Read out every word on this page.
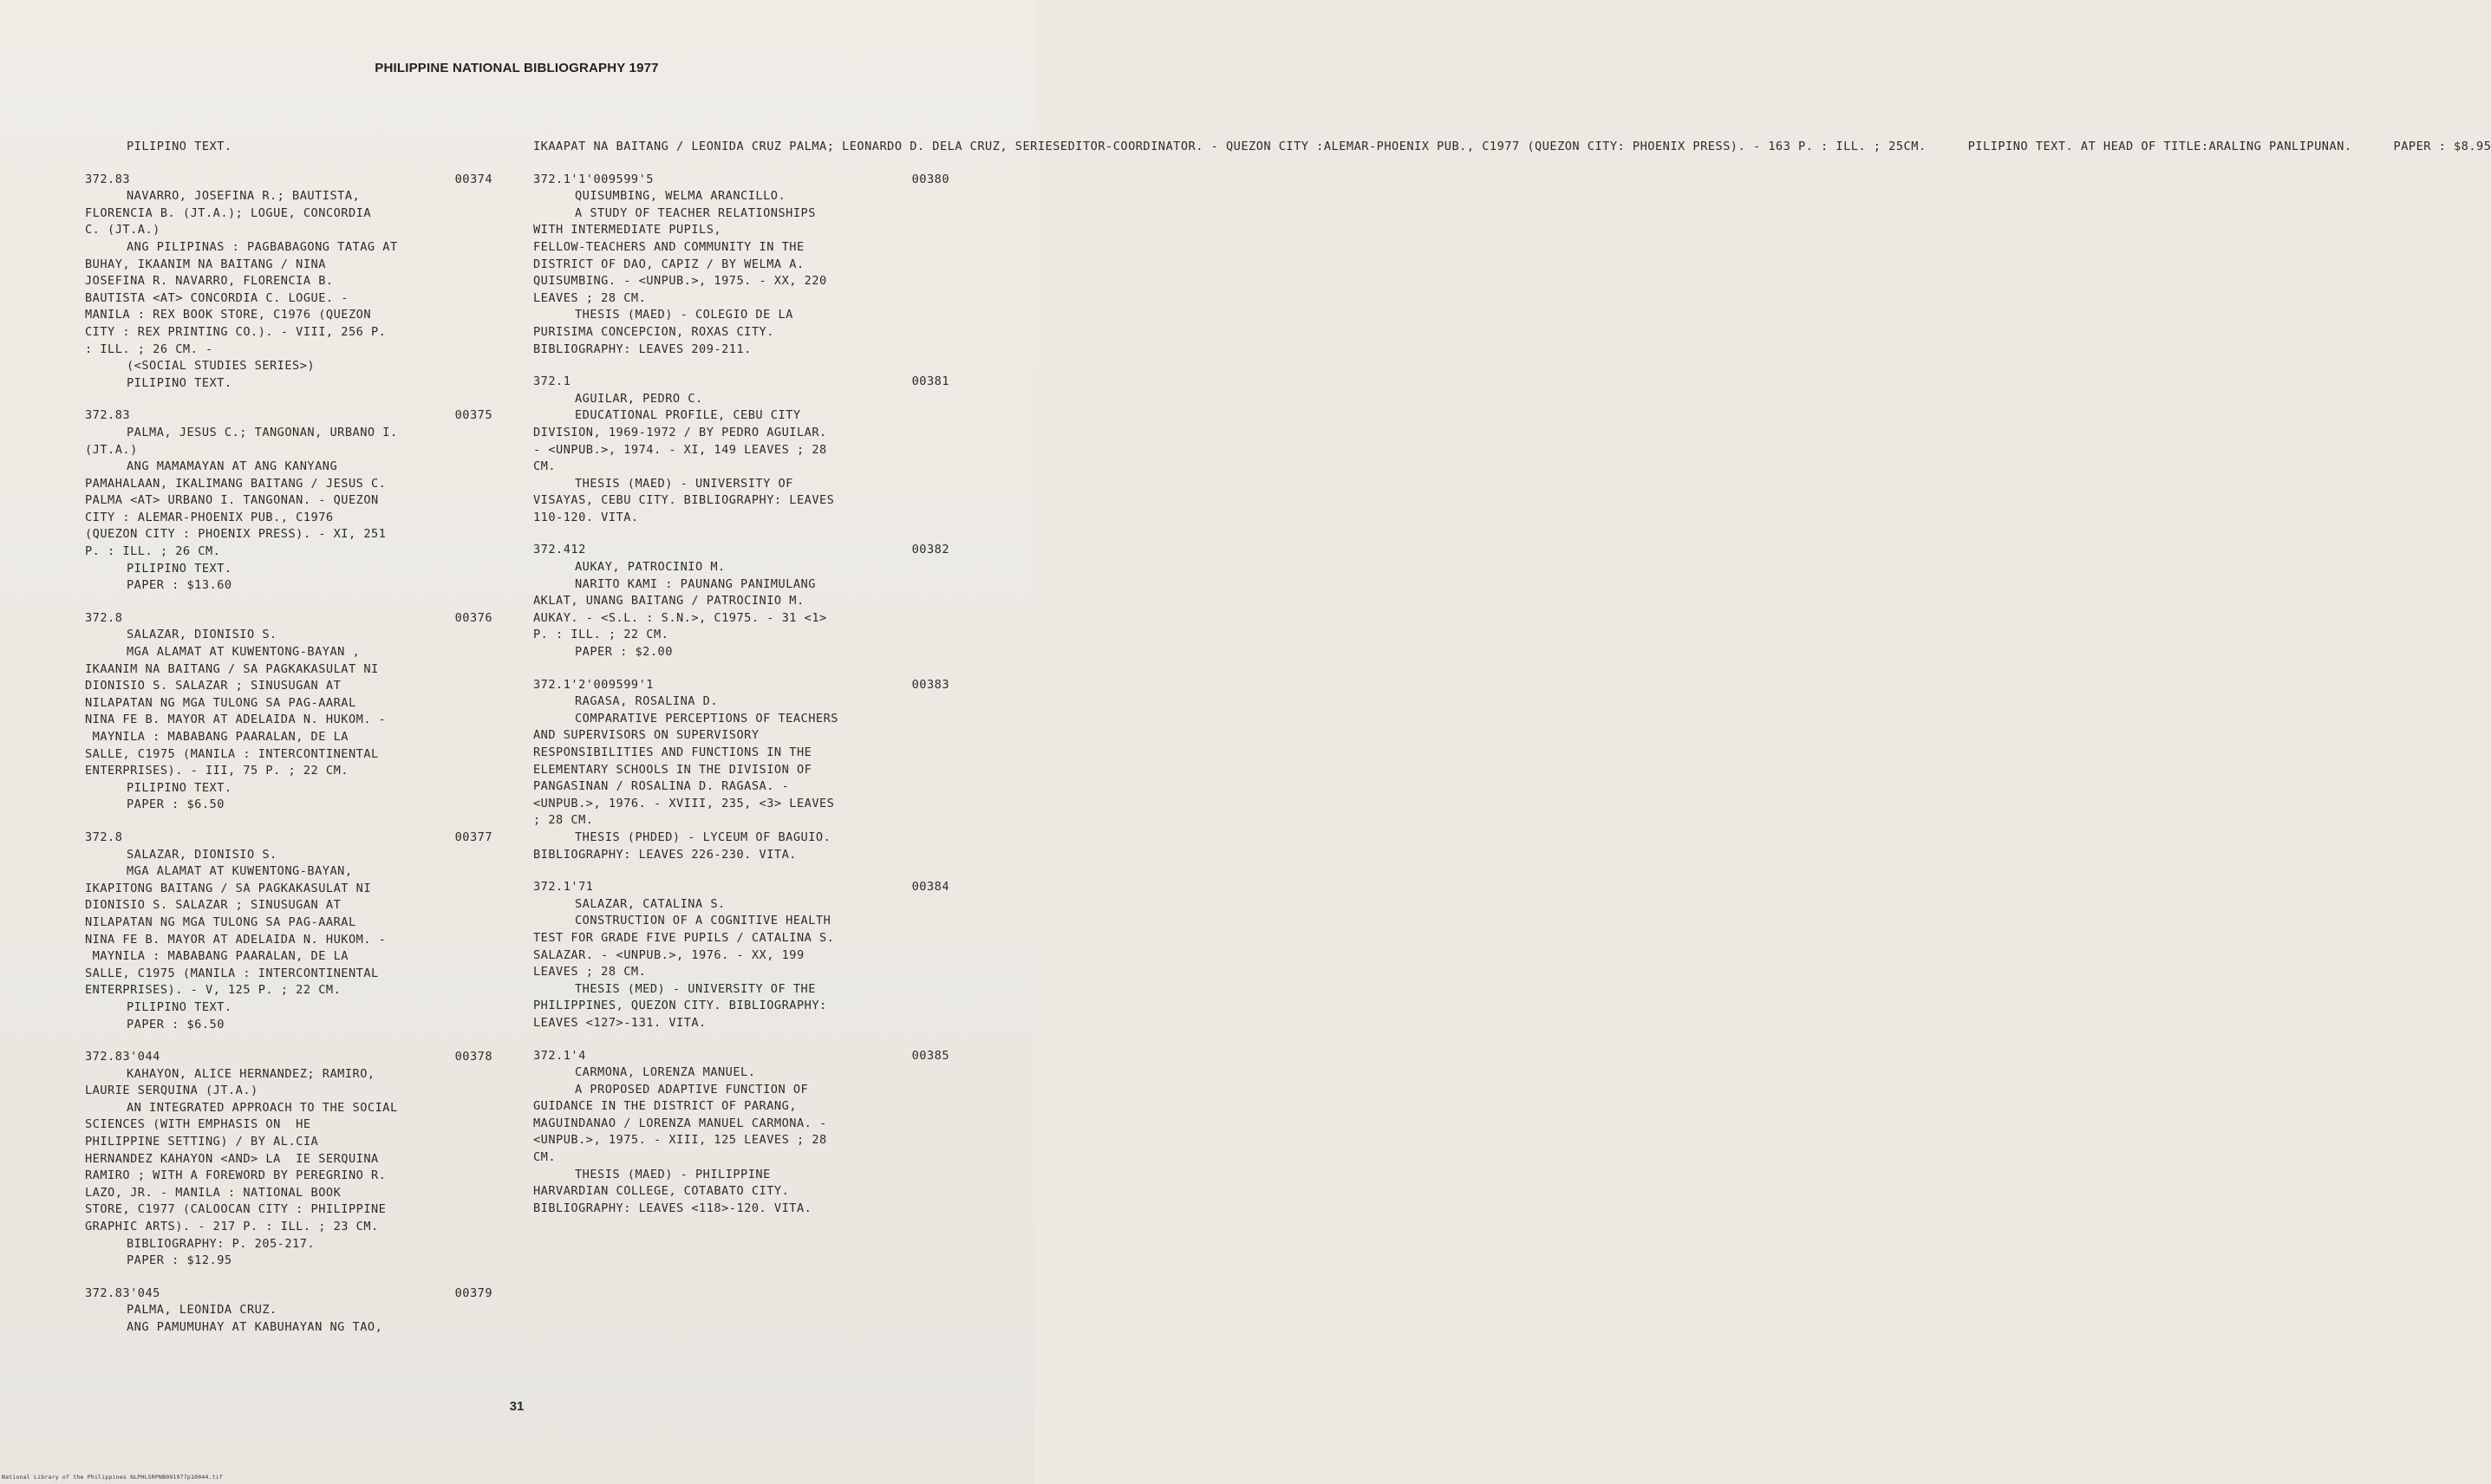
PHILIPPINE NATIONAL BIBLIOGRAPHY 1977
PILIPINO TEXT.
372.83	00374
NAVARRO, JOSEFINA R.; BAUTISTA,
FLORENCIA B. (JT.A.); LOGUE, CONCORDIA
C. (JT.A.)
ANG PILIPINAS : PAGBABAGONG TATAG AT
BUHAY, IKAANIM NA BAITANG / NINA
JOSEFINA R. NAVARRO, FLORENCIA B.
BAUTISTA <AT> CONCORDIA C. LOGUE. -
MANILA : REX BOOK STORE, C1976 (QUEZON
CITY : REX PRINTING CO.). - VIII, 256 P.
: ILL. ; 26 CM. -
(<SOCIAL STUDIES SERIES>)
PILIPINO TEXT.
372.83	00375
PALMA, JESUS C.; TANGONAN, URBANO I.
(JT.A.)
ANG MAMAMAYAN AT ANG KANYANG
PAMAHALAAN, IKALIMANG BAITANG / JESUS C.
PALMA <AT> URBANO I. TANGONAN. - QUEZON
CITY : ALEMAR-PHOENIX PUB., C1976
(QUEZON CITY : PHOENIX PRESS). - XI, 251
P. : ILL. ; 26 CM.
PILIPINO TEXT.
PAPER : $13.60
372.8	00376
SALAZAR, DIONISIO S.
MGA ALAMAT AT KUWENTONG-BAYAN ,
IKAANIM NA BAITANG / SA PAGKAKASULAT NI
DIONISIO S. SALAZAR ; SINUSUGAN AT
NILAPATAN NG MGA TULONG SA PAG-AARAL
NINA FE B. MAYOR AT ADELAIDA N. HUKOM. -
MAYNILA : MABABANG PAARALAN, DE LA
SALLE, C1975 (MANILA : INTERCONTINENTAL
ENTERPRISES). - III, 75 P. ; 22 CM.
PILIPINO TEXT.
PAPER : $6.50
372.8	00377
SALAZAR, DIONISIO S.
MGA ALAMAT AT KUWENTONG-BAYAN,
IKAPITONG BAITANG / SA PAGKAKASULAT NI
DIONISIO S. SALAZAR ; SINUSUGAN AT
NILAPATAN NG MGA TULONG SA PAG-AARAL
NINA FE B. MAYOR AT ADELAIDA N. HUKOM. -
MAYNILA : MABABANG PAARALAN, DE LA
SALLE, C1975 (MANILA : INTERCONTINENTAL
ENTERPRISES). - V, 125 P. ; 22 CM.
PILIPINO TEXT.
PAPER : $6.50
372.83'044	00378
KAHAYON, ALICE HERNANDEZ; RAMIRO,
LAURIE SERQUINA (JT.A.)
AN INTEGRATED APPROACH TO THE SOCIAL
SCIENCES (WITH EMPHASIS ON  HE
PHILIPPINE SETTING) / BY AL.CIA
HERNANDEZ KAHAYON <AND> LA  IE SERQUINA
RAMIRO ; WITH A FOREWORD BY PEREGRINO R.
LAZO, JR. - MANILA : NATIONAL BOOK
STORE, C1977 (CALOOCAN CITY : PHILIPPINE
GRAPHIC ARTS). - 217 P. : ILL. ; 23 CM.
BIBLIOGRAPHY: P. 205-217.
PAPER : $12.95
372.83'045	00379
PALMA, LEONIDA CRUZ.
ANG PAMUMUHAY AT KABUHAYAN NG TAO,
IKAAPAT NA BAITANG / LEONIDA CRUZ PALMA; LEONARDO D. DELA CRUZ, SERIESEDITOR-COORDINATOR. - QUEZON CITY :ALEMAR-PHOENIX PUB., C1977 (QUEZON CITY: PHOENIX PRESS). - 163 P. : ILL. ; 25CM.	PILIPINO TEXT. AT HEAD OF TITLE:ARALING PANLIPUNAN.	PAPER : $8.95
372.1'1'009599'5	00380
QUISUMBING, WELMA ARANCILLO.
A STUDY OF TEACHER RELATIONSHIPS
WITH INTERMEDIATE PUPILS,
FELLOW-TEACHERS AND COMMUNITY IN THE
DISTRICT OF DAO, CAPIZ / BY WELMA A.
QUISUMBING. - <UNPUB.>, 1975. - XX, 220
LEAVES ; 28 CM.
THESIS (MAED) - COLEGIO DE LA
PURISIMA CONCEPCION, ROXAS CITY.
BIBLIOGRAPHY: LEAVES 209-211.
372.1	00381
AGUILAR, PEDRO C.
EDUCATIONAL PROFILE, CEBU CITY
DIVISION, 1969-1972 / BY PEDRO AGUILAR.
- <UNPUB.>, 1974. - XI, 149 LEAVES ; 28
CM.
THESIS (MAED) - UNIVERSITY OF
VISAYAS, CEBU CITY. BIBLIOGRAPHY: LEAVES
110-120. VITA.
372.412	00382
AUKAY, PATROCINIO M.
NARITO KAMI : PAUNANG PANIMULANG
AKLAT, UNANG BAITANG / PATROCINIO M.
AUKAY. - <S.L. : S.N.>, C1975. - 31 <1>
P. : ILL. ; 22 CM.
PAPER : $2.00
372.1'2'009599'1	00383
RAGASA, ROSALINA D.
COMPARATIVE PERCEPTIONS OF TEACHERS
AND SUPERVISORS ON SUPERVISORY
RESPONSIBILITIES AND FUNCTIONS IN THE
ELEMENTARY SCHOOLS IN THE DIVISION OF
PANGASINAN / ROSALINA D. RAGASA. -
<UNPUB.>, 1976. - XVIII, 235, <3> LEAVES
; 28 CM.
THESIS (PHDED) - LYCEUM OF BAGUIO.
BIBLIOGRAPHY: LEAVES 226-230. VITA.
372.1'71	00384
SALAZAR, CATALINA S.
CONSTRUCTION OF A COGNITIVE HEALTH
TEST FOR GRADE FIVE PUPILS / CATALINA S.
SALAZAR. - <UNPUB.>, 1976. - XX, 199
LEAVES ; 28 CM.
THESIS (MED) - UNIVERSITY OF THE
PHILIPPINES, QUEZON CITY. BIBLIOGRAPHY:
LEAVES <127>-131. VITA.
372.1'4	00385
CARMONA, LORENZA MANUEL.
A PROPOSED ADAPTIVE FUNCTION OF
GUIDANCE IN THE DISTRICT OF PARANG,
MAGUINDANAO / LORENZA MANUEL CARMONA. -
<UNPUB.>, 1975. - XIII, 125 LEAVES ; 28
CM.
THESIS (MAED) - PHILIPPINE
HARVARDIAN COLLEGE, COTABATO CITY.
BIBLIOGRAPHY: LEAVES <118>-120. VITA.
31
National Library of the Philippines NLPHLSRPNB091977p10044.tif
